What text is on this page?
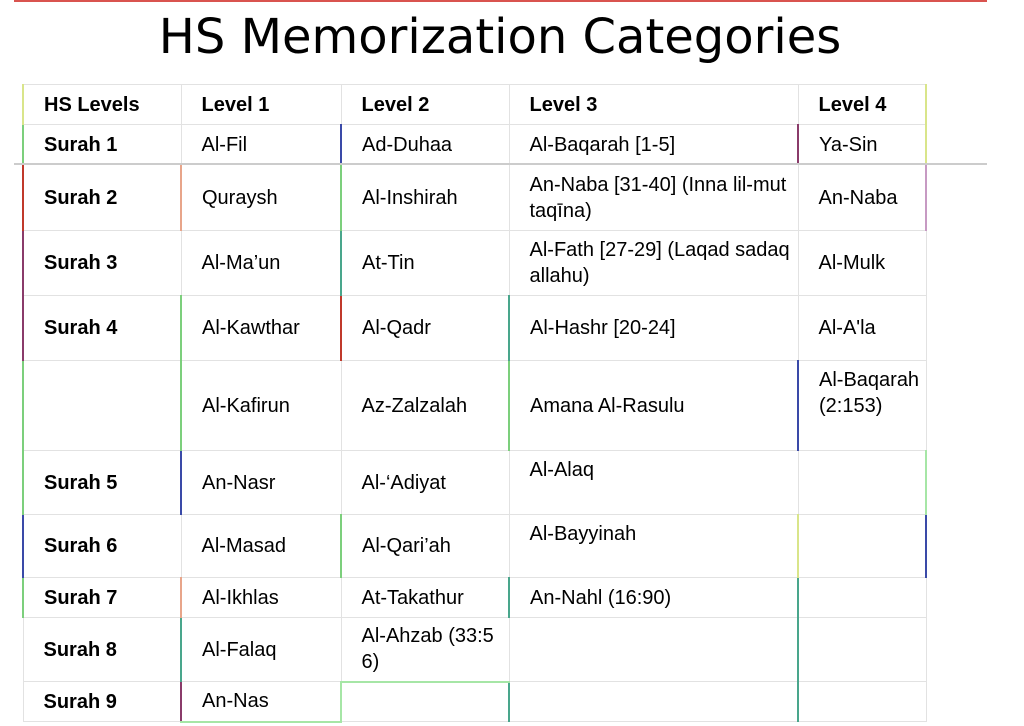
HS Memorization Categories
HS Levels	Level 1	Level 2	Level 3	Level 4
Surah 1	Al-Fil	Ad-Duhaa	Al-Baqarah [1-5]	Ya-Sin
Surah 2	Quraysh	Al-Inshirah	An-Naba [31-40] (Inna lil-muttaqīna)	An-Naba
Surah 3	Al-Ma’un	At-Tin	Al-Fath [27-29] (Laqad sadaqallahu)	Al-Mulk
Surah 4	Al-Kawthar	Al-Qadr	Al-Hashr [20-24]	Al-A'la
	Al-Kafirun	Az-Zalzalah	Amana Al-Rasulu	Al-Baqarah (2:153)
Surah 5	An-Nasr	Al-‘Adiyat	Al-Alaq	
Surah 6	Al-Masad	Al-Qari’ah	Al-Bayyinah	
Surah 7	Al-Ikhlas	At-Takathur	An-Nahl (16:90)	
Surah 8	Al-Falaq	Al-Ahzab (33:56)		
Surah 9	An-Nas			
